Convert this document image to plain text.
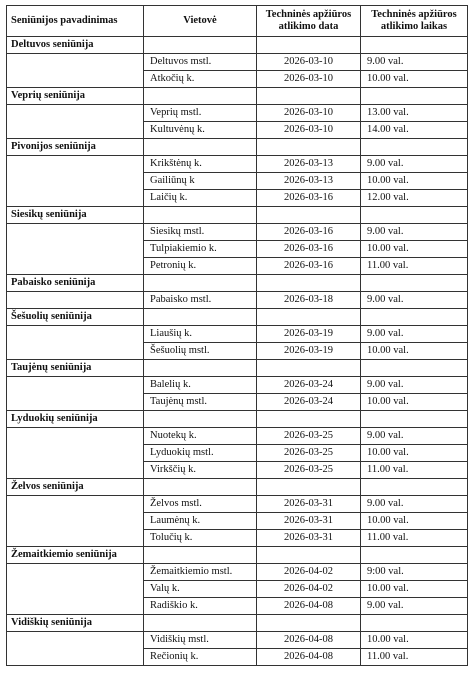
Seniūnijos pavadinimas	Vietovė	Techninės apžiūros atlikimo data	Techninės apžiūros atlikimo laikas
Deltuvos seniūnija			
	Deltuvos mstl.	2026-03-10	9.00 val.
	Atkočių k.	2026-03-10	10.00 val.
Veprių seniūnija			
	Veprių mstl.	2026-03-10	13.00 val.
	Kultuvėnų k.	2026-03-10	14.00 val.
Pivonijos seniūnija			
	Krikštėnų k.	2026-03-13	9.00 val.
	Gailiūnų k	2026-03-13	10.00 val.
	Laičių k.	2026-03-16	12.00 val.
Siesikų seniūnija			
	Siesikų mstl.	2026-03-16	9.00 val.
	Tulpiakiemio k.	2026-03-16	10.00 val.
	Petronių k.	2026-03-16	11.00 val.
Pabaisko seniūnija			
	Pabaisko mstl.	2026-03-18	9.00 val.
Šešuolių seniūnija			
	Liaušių k.	2026-03-19	9.00 val.
	Šešuolių mstl.	2026-03-19	10.00 val.
Taujėnų seniūnija			
	Balelių k.	2026-03-24	9.00 val.
	Taujėnų mstl.	2026-03-24	10.00 val.
Lyduokių seniūnija			
	Nuotekų k.	2026-03-25	9.00 val.
	Lyduokių mstl.	2026-03-25	10.00 val.
	Virkščių k.	2026-03-25	11.00 val.
Želvos seniūnija			
	Želvos mstl.	2026-03-31	9.00 val.
	Laumėnų k.	2026-03-31	10.00 val.
	Tolučių k.	2026-03-31	11.00 val.
Žemaitkiemio seniūnija			
	Žemaitkiemio mstl.	2026-04-02	9:00 val.
	Valų k.	2026-04-02	10.00 val.
	Radiškio k.	2026-04-08	9.00 val.
Vidiškių seniūnija			
	Vidiškių mstl.	2026-04-08	10.00 val.
	Rečionių k.	2026-04-08	11.00 val.
